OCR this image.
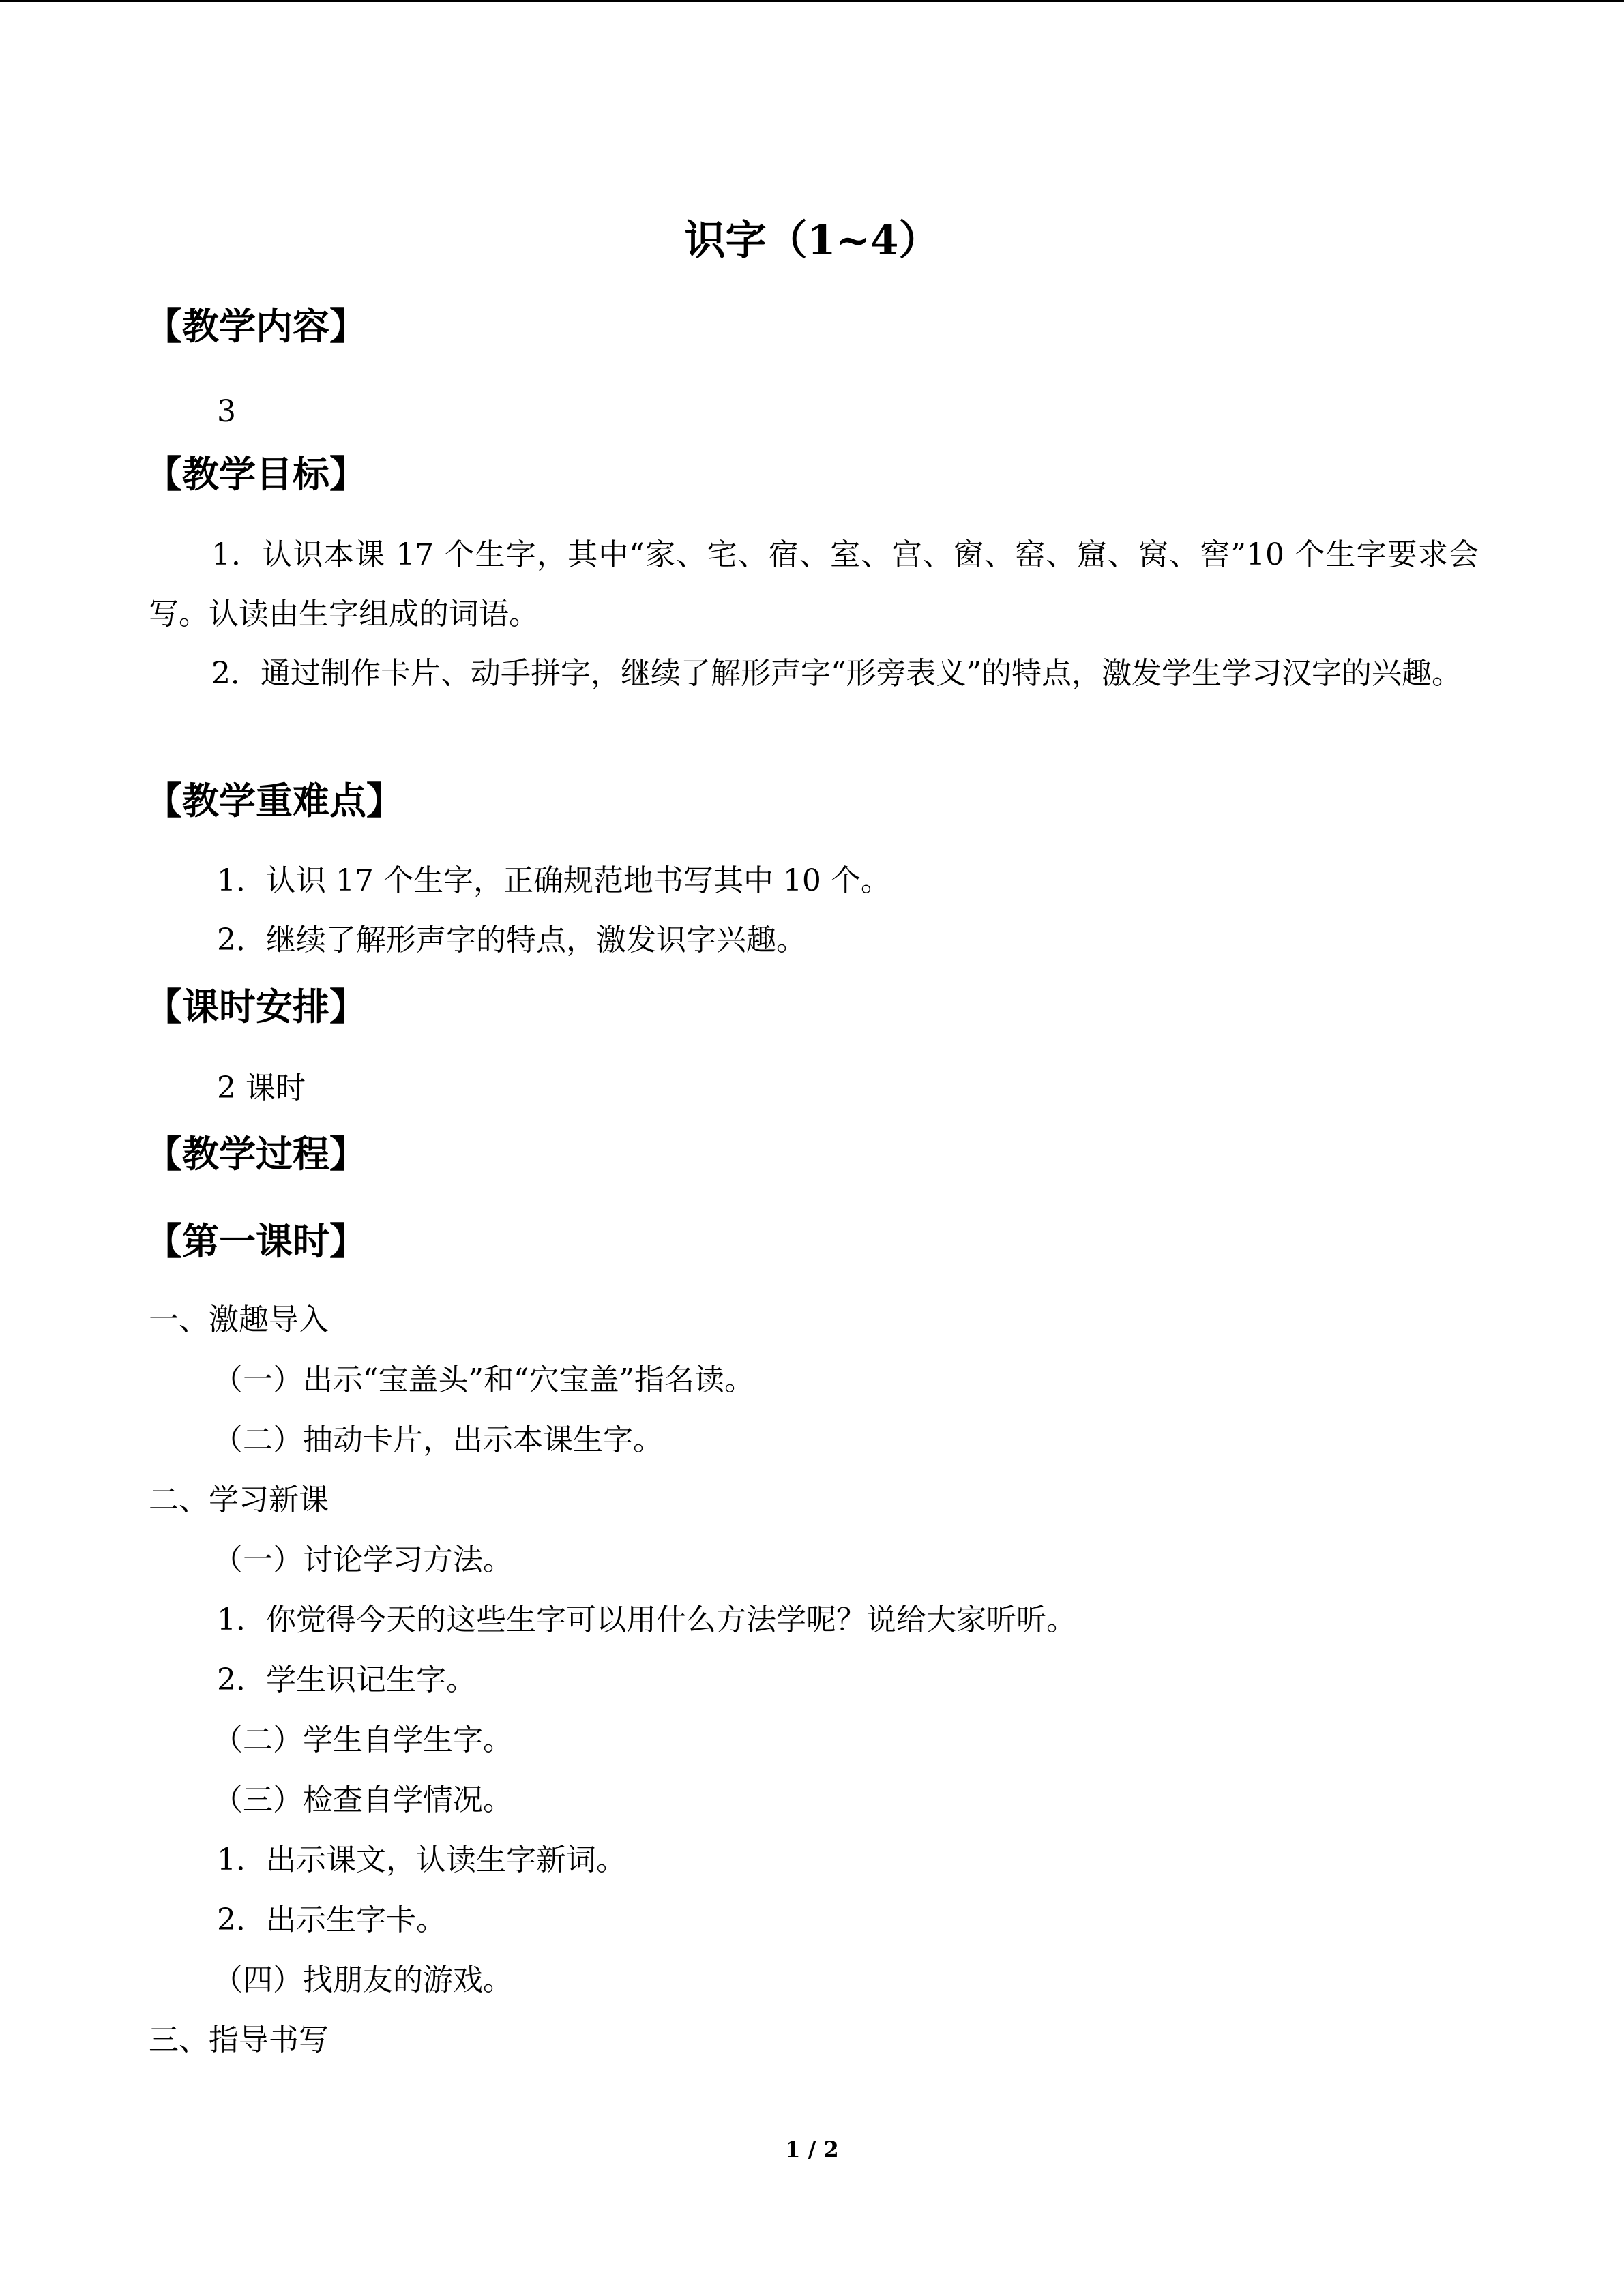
识字（1~4）
【教学内容】
3
【教学目标】
1．认识本课 17 个生字，其中“家、宅、宿、室、宫、窗、窑、窟、窝、窖”10 个生字要求会写。认读由生字组成的词语。
2．通过制作卡片、动手拼字，继续了解形声字“形旁表义”的特点，激发学生学习汉字的兴趣。
【教学重难点】
1．认识 17 个生字，正确规范地书写其中 10 个。
2．继续了解形声字的特点，激发识字兴趣。
【课时安排】
2 课时
【教学过程】
【第一课时】
一、激趣导入
（一）出示“宝盖头”和“穴宝盖”指名读。
（二）抽动卡片，出示本课生字。
二、学习新课
（一）讨论学习方法。
1．你觉得今天的这些生字可以用什么方法学呢？说给大家听听。
2．学生识记生字。
（二）学生自学生字。
（三）检查自学情况。
1．出示课文，认读生字新词。
2．出示生字卡。
（四）找朋友的游戏。
三、指导书写
1 / 2
